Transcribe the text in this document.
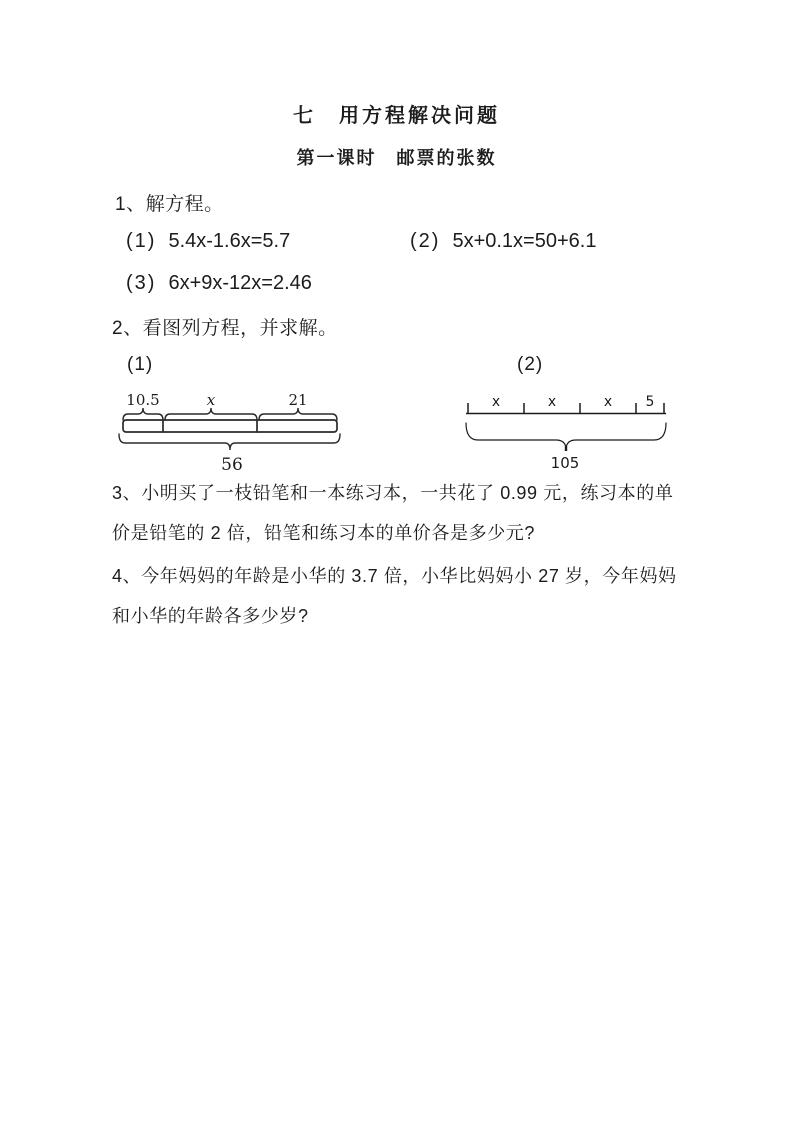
七　用方程解决问题
第一课时　邮票的张数
1、解方程。
(1) 5.4x-1.6x=5.7	(2) 5x+0.1x=50+6.1
(3) 6x+9x-12x=2.46
2、看图列方程，并求解。
(1)	(2)
10.5	x	21
56
x	x	x 5
105
3、小明买了一枝铅笔和一本练习本，一共花了 0.99 元，练习本的单
价是铅笔的 2 倍，铅笔和练习本的单价各是多少元?
4、今年妈妈的年龄是小华的 3.7 倍，小华比妈妈小 27 岁，今年妈妈
和小华的年龄各多少岁?
